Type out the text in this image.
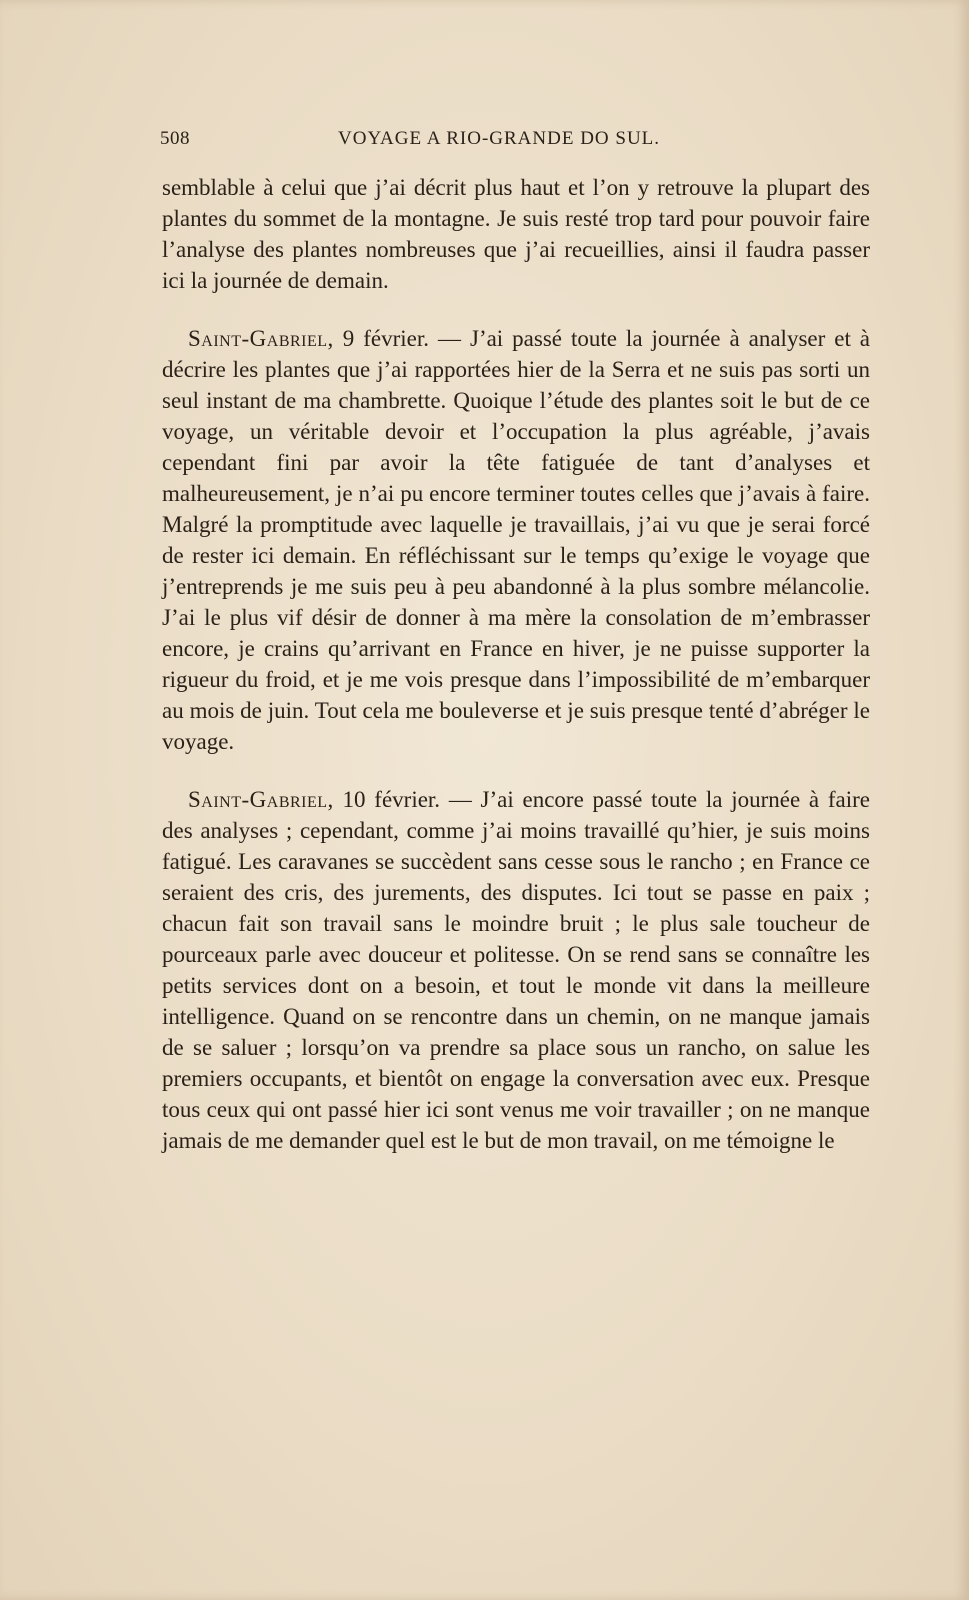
508	VOYAGE A RIO-GRANDE DO SUL.

semblable à celui que j’ai décrit plus haut et l’on y retrouve la plupart des plantes du sommet de la montagne. Je suis resté trop tard pour pouvoir faire l’analyse des plantes nombreuses que j’ai recueillies, ainsi il faudra passer ici la journée de demain.

Saint-Gabriel, 9 février. — J’ai passé toute la journée à analyser et à décrire les plantes que j’ai rapportées hier de la Serra et ne suis pas sorti un seul instant de ma chambrette. Quoique l’étude des plantes soit le but de ce voyage, un véritable devoir et l’occupation la plus agréable, j’avais cependant fini par avoir la tête fatiguée de tant d’analyses et malheureusement, je n’ai pu encore terminer toutes celles que j’avais à faire. Malgré la promptitude avec laquelle je travaillais, j’ai vu que je serai forcé de rester ici demain. En réfléchissant sur le temps qu’exige le voyage que j’entreprends je me suis peu à peu abandonné à la plus sombre mélancolie. J’ai le plus vif désir de donner à ma mère la consolation de m’embrasser encore, je crains qu’arrivant en France en hiver, je ne puisse supporter la rigueur du froid, et je me vois presque dans l’impossibilité de m’embarquer au mois de juin. Tout cela me bouleverse et je suis presque tenté d’abréger le voyage.

Saint-Gabriel, 10 février. — J’ai encore passé toute la journée à faire des analyses ; cependant, comme j’ai moins travaillé qu’hier, je suis moins fatigué. Les caravanes se succèdent sans cesse sous le rancho ; en France ce seraient des cris, des jurements, des disputes. Ici tout se passe en paix ; chacun fait son travail sans le moindre bruit ; le plus sale toucheur de pourceaux parle avec douceur et politesse. On se rend sans se connaître les petits services dont on a besoin, et tout le monde vit dans la meilleure intelligence. Quand on se rencontre dans un chemin, on ne manque jamais de se saluer ; lorsqu’on va prendre sa place sous un rancho, on salue les premiers occupants, et bientôt on engage la conversation avec eux. Presque tous ceux qui ont passé hier ici sont venus me voir travailler ; on ne manque jamais de me demander quel est le but de mon travail, on me témoigne le
